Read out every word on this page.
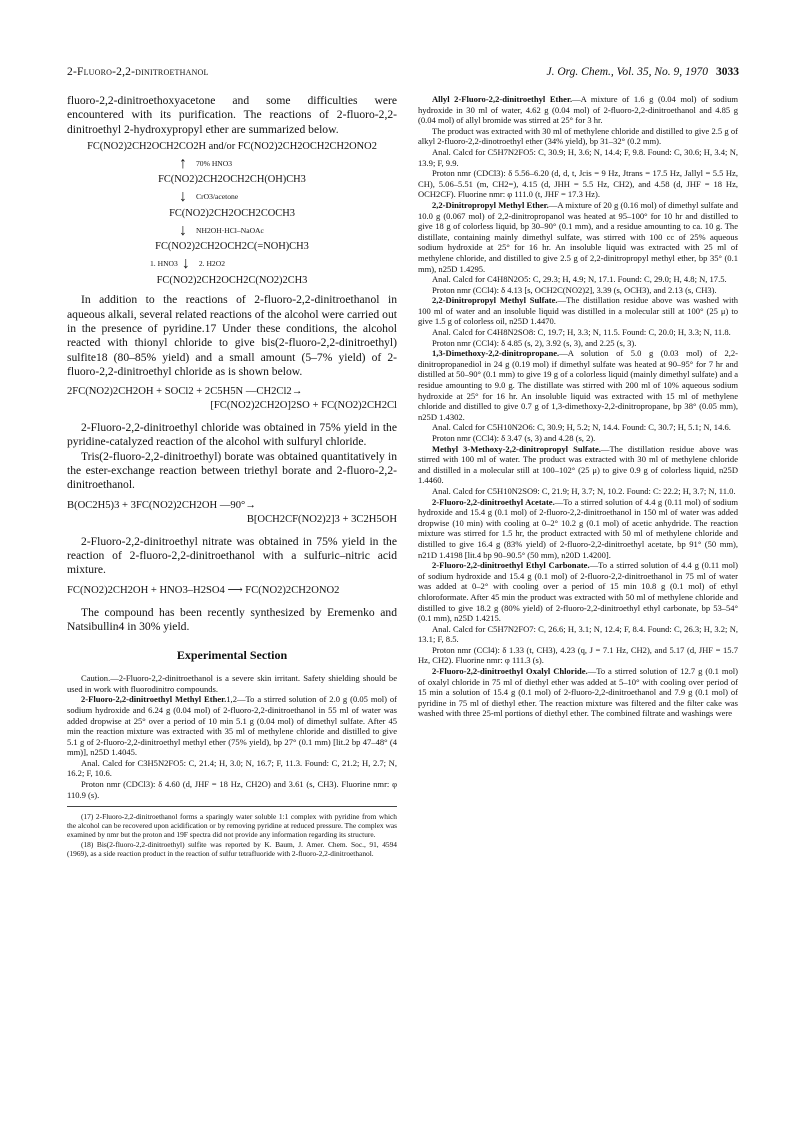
2-Fluoro-2,2-dinitroethanol	J. Org. Chem., Vol. 35, No. 9, 1970 3033

fluoro-2,2-dinitroethoxyacetone and some difficulties were encountered with its purification. The reactions of 2-fluoro-2,2-dinitroethyl 2-hydroxypropyl ether are summarized below.

FC(NO2)2CH2OCH2CO2H and/or FC(NO2)2CH2OCH2CH2ONO2
↑	70% HNO3
FC(NO2)2CH2OCH2CH(OH)CH3
↓	CrO3/acetone
FC(NO2)2CH2OCH2COCH3
↓	NH2OH·HCl–NaOAc
FC(NO2)2CH2OCH2C(=NOH)CH3
1. HNO3 ↓	2. H2O2
FC(NO2)2CH2OCH2C(NO2)2CH3

In addition to the reactions of 2-fluoro-2,2-dinitroethanol in aqueous alkali, several related reactions of the alcohol were carried out in the presence of pyridine.17 Under these conditions, the alcohol reacted with thionyl chloride to give bis(2-fluoro-2,2-dinitroethyl) sulfite18 (80–85% yield) and a small amount (5–7% yield) of 2-fluoro-2,2-dinitroethyl chloride as is shown below.

2FC(NO2)2CH2OH + SOCl2 + 2C5H5N —CH2Cl2→
[FC(NO2)2CH2O]2SO + FC(NO2)2CH2Cl

2-Fluoro-2,2-dinitroethyl chloride was obtained in 75% yield in the pyridine-catalyzed reaction of the alcohol with sulfuryl chloride.

Tris(2-fluoro-2,2-dinitroethyl) borate was obtained quantitatively in the ester-exchange reaction between triethyl borate and 2-fluoro-2,2-dinitroethanol.

B(OC2H5)3 + 3FC(NO2)2CH2OH —90°→
B[OCH2CF(NO2)2]3 + 3C2H5OH

2-Fluoro-2,2-dinitroethyl nitrate was obtained in 75% yield in the reaction of 2-fluoro-2,2-dinitroethanol with a sulfuric–nitric acid mixture.

FC(NO2)2CH2OH + HNO3–H2SO4 ⟶ FC(NO2)2CH2ONO2

The compound has been recently synthesized by Eremenko and Natsibullin4 in 30% yield.

Experimental Section

Caution.—2-Fluoro-2,2-dinitroethanol is a severe skin irritant. Safety shielding should be used in work with fluorodinitro compounds.

2-Fluoro-2,2-dinitroethyl Methyl Ether.1,2—To a stirred solution of 2.0 g (0.05 mol) of sodium hydroxide and 6.24 g (0.04 mol) of 2-fluoro-2,2-dinitroethanol in 55 ml of water was added dropwise at 25° over a period of 10 min 5.1 g (0.04 mol) of dimethyl sulfate. After 45 min the reaction mixture was extracted with 35 ml of methylene chloride and distilled to give 5.1 g of 2-fluoro-2,2-dinitroethyl methyl ether (75% yield), bp 27° (0.1 mm) [lit.2 bp 47–48° (4 mm)], n25D 1.4045.

Anal. Calcd for C3H5N2FO5: C, 21.4; H, 3.0; N, 16.7; F, 11.3. Found: C, 21.2; H, 2.7; N, 16.2; F, 10.6.

Proton nmr (CDCl3): δ 4.60 (d, JHF = 18 Hz, CH2O) and 3.61 (s, CH3). Fluorine nmr: φ 110.9 (s).

(17) 2-Fluoro-2,2-dinitroethanol forms a sparingly water soluble 1:1 complex with pyridine from which the alcohol can be recovered upon acidification or by removing pyridine at reduced pressure. The complex was examined by nmr but the proton and 19F spectra did not provide any information regarding its structure.

(18) Bis(2-fluoro-2,2-dinitroethyl) sulfite was reported by K. Baum, J. Amer. Chem. Soc., 91, 4594 (1969), as a side reaction product in the reaction of sulfur tetrafluoride with 2-fluoro-2,2-dinitroethanol.

Allyl 2-Fluoro-2,2-dinitroethyl Ether.—A mixture of 1.6 g (0.04 mol) of sodium hydroxide in 30 ml of water, 4.62 g (0.04 mol) of 2-fluoro-2,2-dinitroethanol and 4.85 g (0.04 mol) of allyl bromide was stirred at 25° for 3 hr.

The product was extracted with 30 ml of methylene chloride and distilled to give 2.5 g of alkyl 2-fluoro-2,2-dinotroethyl ether (34% yield), bp 31–32° (0.2 mm).

Anal. Calcd for C5H7N2FO5: C, 30.9; H, 3.6; N, 14.4; F, 9.8. Found: C, 30.6; H, 3.4; N, 13.9; F, 9.9.

Proton nmr (CDCl3): δ 5.56–6.20 (d, d, t, Jcis = 9 Hz, Jtrans = 17.5 Hz, Jallyl = 5.5 Hz, CH), 5.06–5.51 (m, CH2=), 4.15 (d, JHH = 5.5 Hz, CH2), and 4.58 (d, JHF = 18 Hz, OCH2CF). Fluorine nmr: φ 111.0 (t, JHF = 17.3 Hz).

2,2-Dinitropropyl Methyl Ether.—A mixture of 20 g (0.16 mol) of dimethyl sulfate and 10.0 g (0.067 mol) of 2,2-dinitropropanol was heated at 95–100° for 10 hr and distilled to give 18 g of colorless liquid, bp 30–90° (0.1 mm), and a residue amounting to ca. 10 g. The distillate, containing mainly dimethyl sulfate, was stirred with 100 cc of 25% aqueous sodium hydroxide at 25° for 16 hr. An insoluble liquid was extracted with 25 ml of methylene chloride, and distilled to give 2.5 g of 2,2-dinitropropyl methyl ether, bp 35° (0.1 mm), n25D 1.4295.

Anal. Calcd for C4H8N2O5: C, 29.3; H, 4.9; N, 17.1. Found: C, 29.0; H, 4.8; N, 17.5.

Proton nmr (CCl4): δ 4.13 [s, OCH2C(NO2)2], 3.39 (s, OCH3), and 2.13 (s, CH3).

2,2-Dinitropropyl Methyl Sulfate.—The distillation residue above was washed with 100 ml of water and an insoluble liquid was distilled in a molecular still at 100° (25 μ) to give 1.5 g of colorless oil, n25D 1.4470.

Anal. Calcd for C4H8N2SO8: C, 19.7; H, 3.3; N, 11.5. Found: C, 20.0; H, 3.3; N, 11.8.

Proton nmr (CCl4): δ 4.85 (s, 2), 3.92 (s, 3), and 2.25 (s, 3).

1,3-Dimethoxy-2,2-dinitropropane.—A solution of 5.0 g (0.03 mol) of 2,2-dinitropropanediol in 24 g (0.19 mol) if dimethyl sulfate was heated at 90–95° for 7 hr and distilled at 50–90° (0.1 mm) to give 19 g of a colorless liquid (mainly dimethyl sulfate) and a residue amounting to 9.0 g. The distillate was stirred with 200 ml of 10% aqueous sodium hydroxide at 25° for 16 hr. An insoluble liquid was extracted with 15 ml of methylene chloride and distilled to give 0.7 g of 1,3-dimethoxy-2,2-dinitropropane, bp 38° (0.05 mm), n25D 1.4302.

Anal. Calcd for C5H10N2O6: C, 30.9; H, 5.2; N, 14.4. Found: C, 30.7; H, 5.1; N, 14.6.

Proton nmr (CCl4): δ 3.47 (s, 3) and 4.28 (s, 2).

Methyl 3-Methoxy-2,2-dinitropropyl Sulfate.—The distillation residue above was stirred with 100 ml of water. The product was extracted with 30 ml of methylene chloride and distilled in a molecular still at 100–102° (25 μ) to give 0.9 g of colorless liquid, n25D 1.4460.

Anal. Calcd for C5H10N2SO9: C, 21.9; H, 3.7; N, 10.2. Found: C: 22.2; H, 3.7; N, 11.0.

2-Fluoro-2,2-dinitroethyl Acetate.—To a stirred solution of 4.4 g (0.11 mol) of sodium hydroxide and 15.4 g (0.1 mol) of 2-fluoro-2,2-dinitroethanol in 150 ml of water was added dropwise (10 min) with cooling at 0–2° 10.2 g (0.1 mol) of acetic anhydride. The reaction mixture was stirred for 1.5 hr, the product extracted with 50 ml of methylene chloride and distilled to give 16.4 g (83% yield) of 2-fluoro-2,2-dinitroethyl acetate, bp 91° (50 mm), n21D 1.4198 [lit.4 bp 90–90.5° (50 mm), n20D 1.4200].

2-Fluoro-2,2-dinitroethyl Ethyl Carbonate.—To a stirred solution of 4.4 g (0.11 mol) of sodium hydroxide and 15.4 g (0.1 mol) of 2-fluoro-2,2-dinitroethanol in 75 ml of water was added at 0–2° with cooling over a period of 15 min 10.8 g (0.1 mol) of ethyl chloroformate. After 45 min the product was extracted with 50 ml of methylene chloride and distilled to give 18.2 g (80% yield) of 2-fluoro-2,2-dinitroethyl ethyl carbonate, bp 53–54° (0.1 mm), n25D 1.4215.

Anal. Calcd for C5H7N2FO7: C, 26.6; H, 3.1; N, 12.4; F, 8.4. Found: C, 26.3; H, 3.2; N, 13.1; F, 8.5.

Proton nmr (CCl4): δ 1.33 (t, CH3), 4.23 (q, J = 7.1 Hz, CH2), and 5.17 (d, JHF = 15.7 Hz, CH2). Fluorine nmr: φ 111.3 (s).

2-Fluoro-2,2-dinitroethyl Oxalyl Chloride.—To a stirred solution of 12.7 g (0.1 mol) of oxalyl chloride in 75 ml of diethyl ether was added at 5–10° with cooling over period of 15 min a solution of 15.4 g (0.1 mol) of 2-fluoro-2,2-dinitroethanol and 7.9 g (0.1 mol) of pyridine in 75 ml of diethyl ether. The reaction mixture was filtered and the filter cake was washed with three 25-ml portions of diethyl ether. The combined filtrate and washings were
